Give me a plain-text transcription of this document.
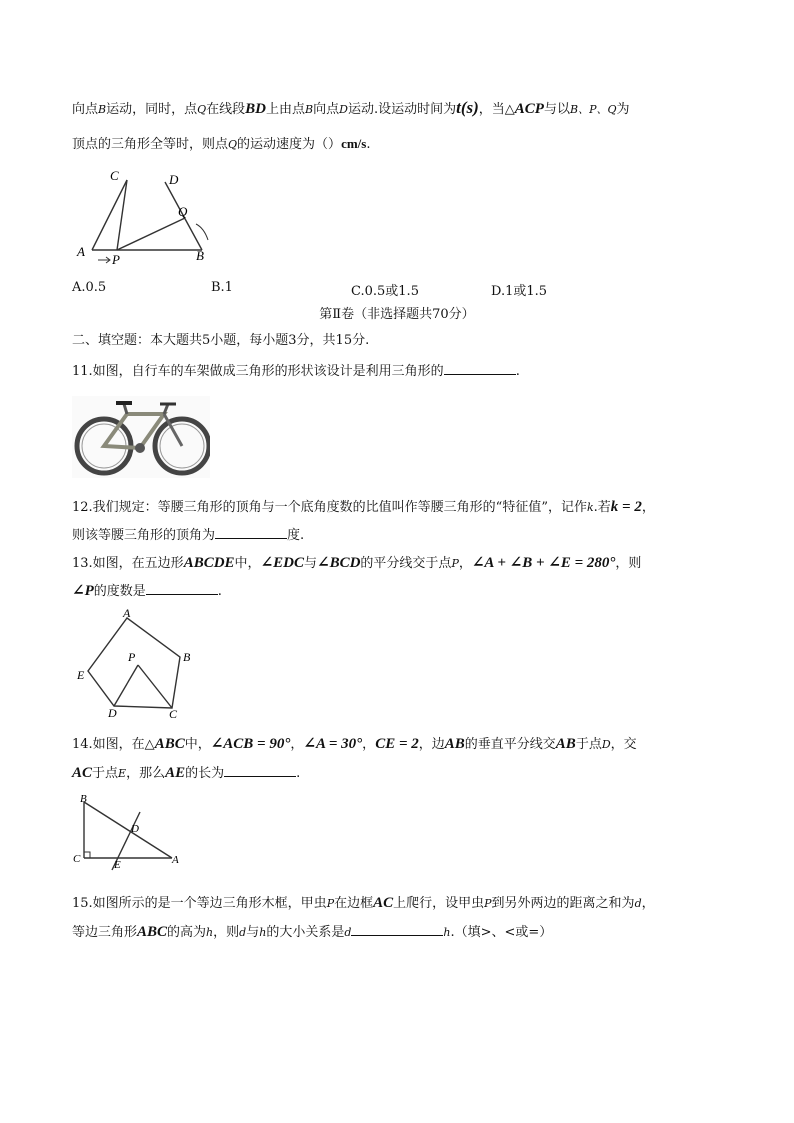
向点B运动，同时，点Q在线段BD上由点B向点D运动.设运动时间为t(s)，当△ACP与以B、P、Q为
顶点的三角形全等时，则点Q的运动速度为（）cm/s.
C	D
Q
A
P	B
A.0.5	B.1	C.0.5或1.5	D.1或1.5
第Ⅱ卷（非选择题共70分）
二、填空题：本大题共5小题，每小题3分，共15分.
11.如图，自行车的车架做成三角形的形状该设计是利用三角形的	.
12.我们规定：等腰三角形的顶角与一个底角度数的比值叫作等腰三角形的“特征值”，记作k.若k = 2，
则该等腰三角形的顶角为	度.
13.如图，在五边形ABCDE中，∠EDC与∠BCD的平分线交于点P，∠A + ∠B + ∠E = 280°，则
∠P的度数是	.
A
B
E
P
D	C
14.如图，在△ABC中，∠ACB = 90°，∠A = 30°，CE = 2，边AB的垂直平分线交AB于点D，交
AC于点E，那么AE的长为	.
B
D
C	E	A
15.如图所示的是一个等边三角形木框，甲虫P在边框AC上爬行，设甲虫P到另外两边的距离之和为d，
等边三角形ABC的高为h，则d与h的大小关系是d	h.（填>、<或=）
